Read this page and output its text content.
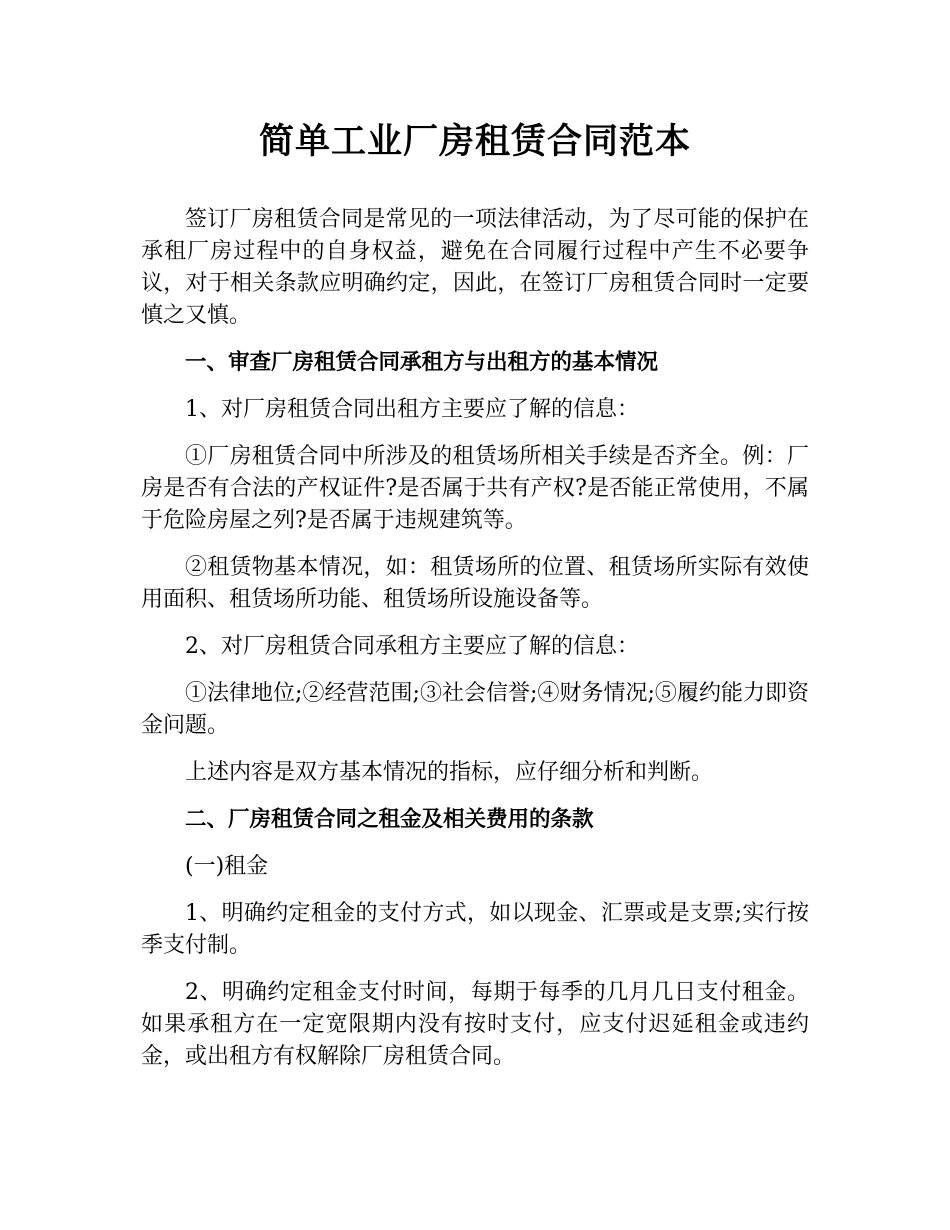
简单工业厂房租赁合同范本

签订厂房租赁合同是常见的一项法律活动，为了尽可能的保护在承租厂房过程中的自身权益，避免在合同履行过程中产生不必要争议，对于相关条款应明确约定，因此，在签订厂房租赁合同时一定要慎之又慎。

一、审查厂房租赁合同承租方与出租方的基本情况

1、对厂房租赁合同出租方主要应了解的信息：

①厂房租赁合同中所涉及的租赁场所相关手续是否齐全。例：厂房是否有合法的产权证件?是否属于共有产权?是否能正常使用，不属于危险房屋之列?是否属于违规建筑等。

②租赁物基本情况，如：租赁场所的位置、租赁场所实际有效使用面积、租赁场所功能、租赁场所设施设备等。

2、对厂房租赁合同承租方主要应了解的信息：

①法律地位;②经营范围;③社会信誉;④财务情况;⑤履约能力即资金问题。

上述内容是双方基本情况的指标，应仔细分析和判断。

二、厂房租赁合同之租金及相关费用的条款

(一)租金

1、明确约定租金的支付方式，如以现金、汇票或是支票;实行按季支付制。

2、明确约定租金支付时间，每期于每季的几月几日支付租金。如果承租方在一定宽限期内没有按时支付，应支付迟延租金或违约金，或出租方有权解除厂房租赁合同。
